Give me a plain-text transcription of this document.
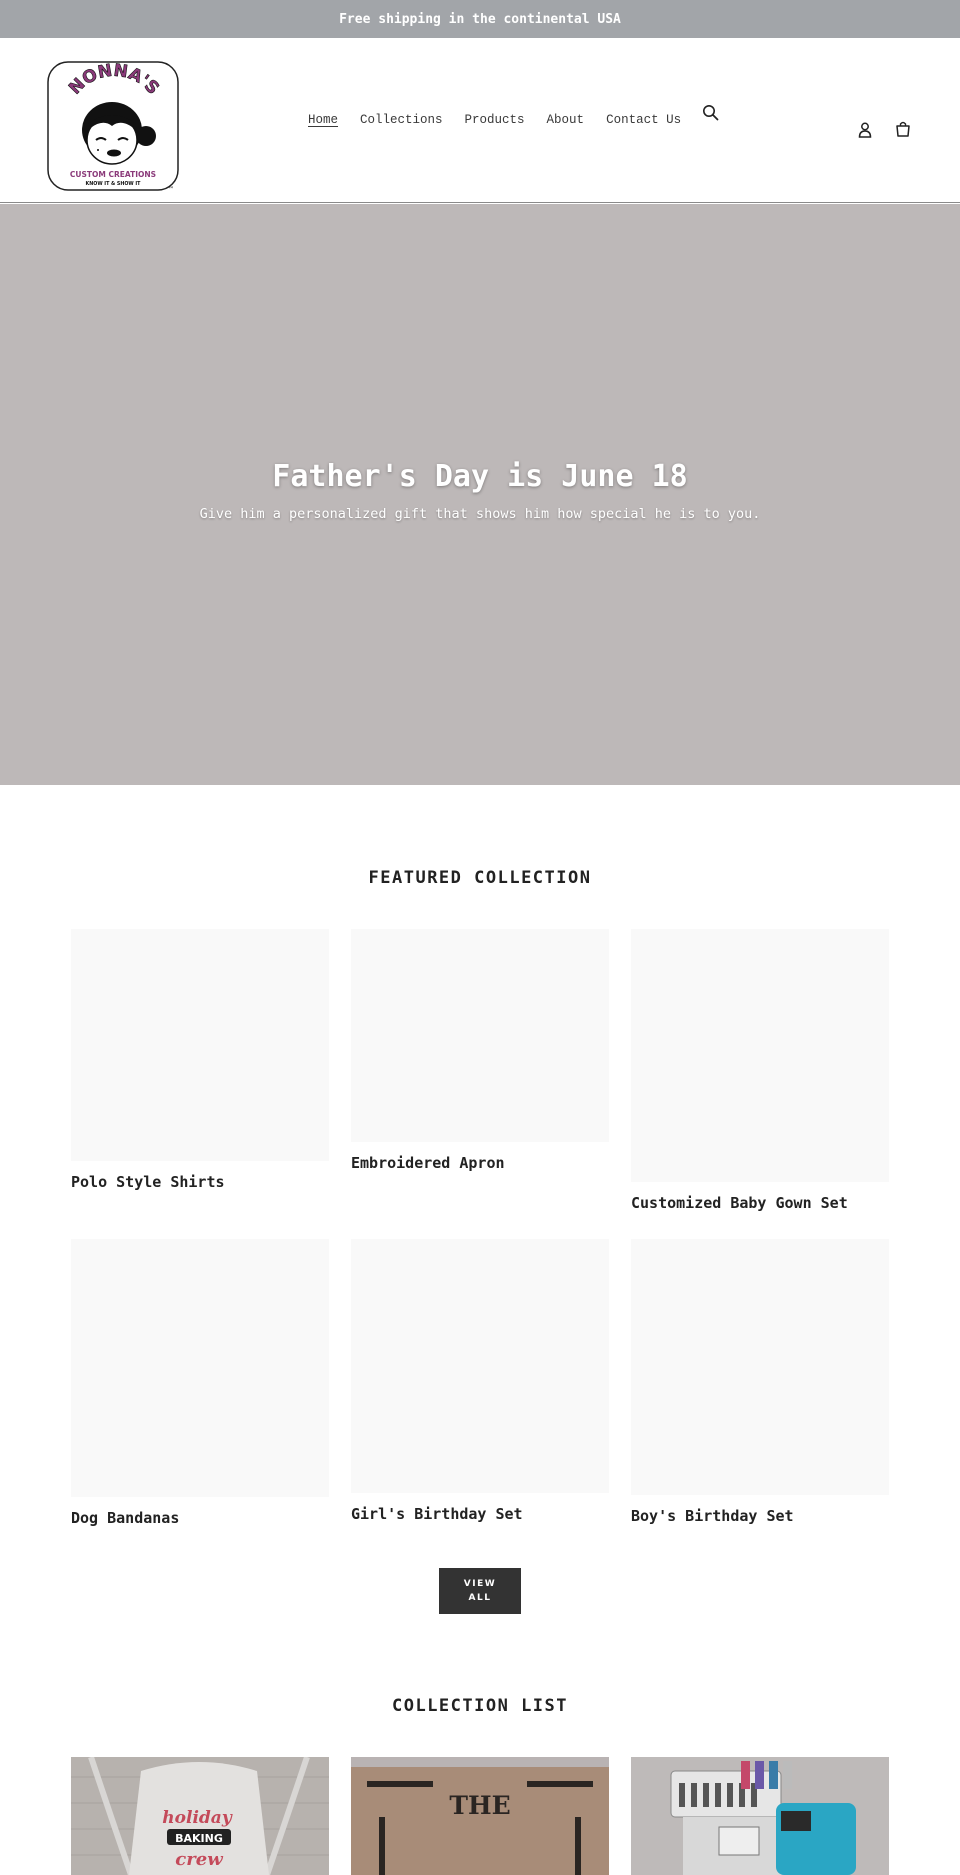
Free shipping in the continental USA
NONNA'S
CUSTOM CREATIONS
KNOW IT & SHOW IT
™
Home Collections Products About Contact Us
Father's Day is June 18

Give him a personalized gift that shows him how special he is to you.

FEATURED COLLECTION
Polo Style Shirts
Embroidered Apron
Customized Baby Gown Set
Dog Bandanas	Girl's Birthday Set	Boy's Birthday Set
VIEW ALL
COLLECTION LIST
holiday
BAKING
crew
THE
